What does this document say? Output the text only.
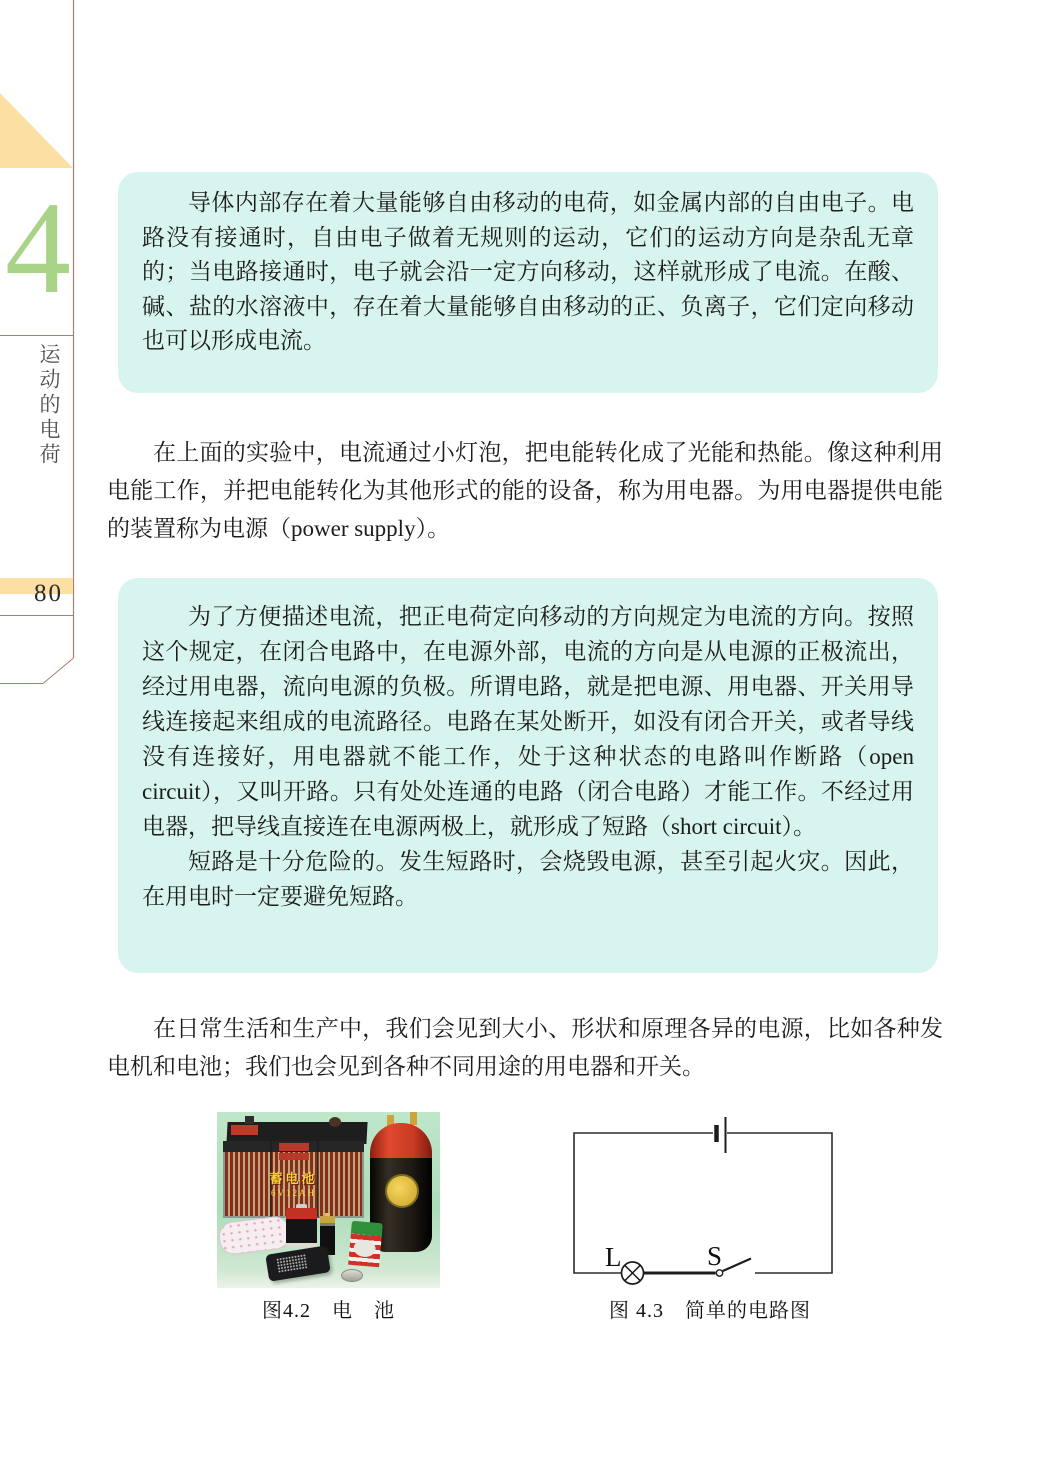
4
运动的电荷
80

导体内部存在着大量能够自由移动的电荷，如金属内部的自由电子。电路没有接通时，自由电子做着无规则的运动，它们的运动方向是杂乱无章的；当电路接通时，电子就会沿一定方向移动，这样就形成了电流。在酸、碱、盐的水溶液中，存在着大量能够自由移动的正、负离子，它们定向移动也可以形成电流。

在上面的实验中，电流通过小灯泡，把电能转化成了光能和热能。像这种利用电能工作，并把电能转化为其他形式的能的设备，称为用电器。为用电器提供电能的装置称为电源（power supply）。

为了方便描述电流，把正电荷定向移动的方向规定为电流的方向。按照这个规定，在闭合电路中，在电源外部，电流的方向是从电源的正极流出，经过用电器，流向电源的负极。所谓电路，就是把电源、用电器、开关用导线连接起来组成的电流路径。电路在某处断开，如没有闭合开关，或者导线没有连接好，用电器就不能工作，处于这种状态的电路叫作断路（open circuit），又叫开路。只有处处连通的电路（闭合电路）才能工作。不经过用电器，把导线直接连在电源两极上，就形成了短路（short circuit）。

短路是十分危险的。发生短路时，会烧毁电源，甚至引起火灾。因此，在用电时一定要避免短路。

在日常生活和生产中，我们会见到大小、形状和原理各异的电源，比如各种发电机和电池；我们也会见到各种不同用途的用电器和开关。

蓄电池
6V12AH
图4.2　电　池
L	S
图 4.3　简单的电路图
